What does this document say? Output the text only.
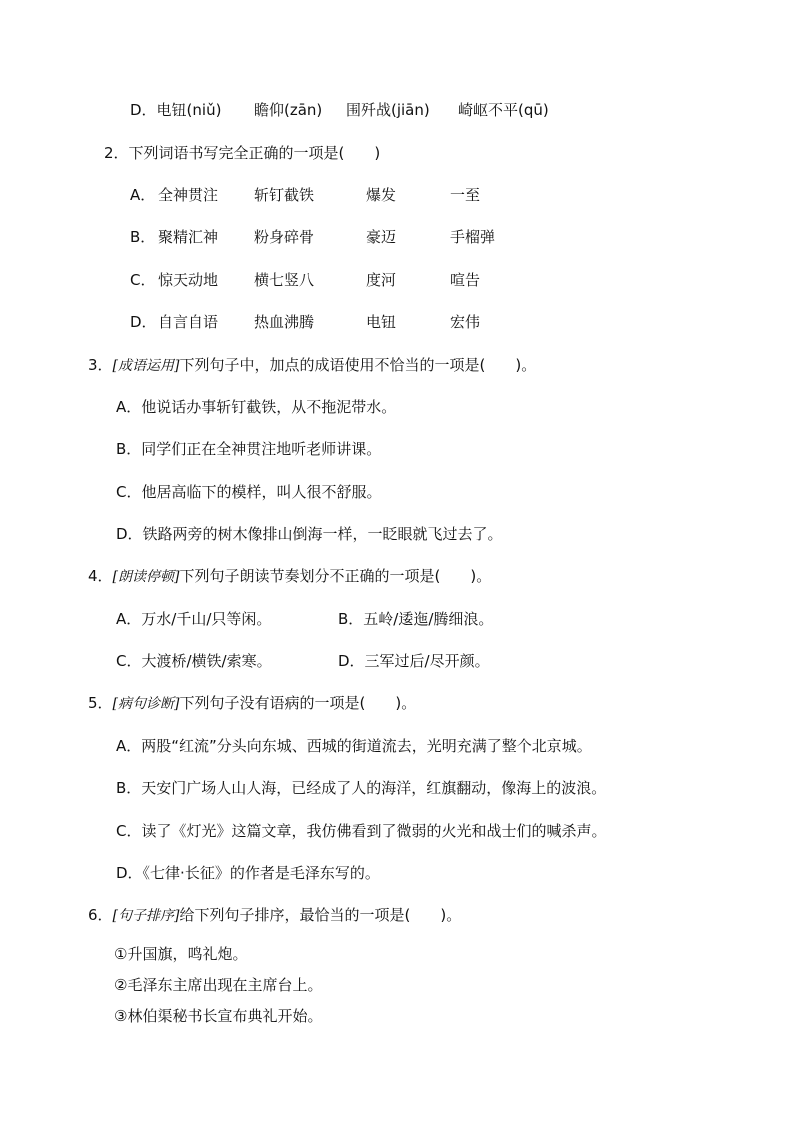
D．电钮(niǔ) 瞻仰(zān) 围歼战(jiān) 崎岖不平(qū)
2．下列词语书写完全正确的一项是(　　)
A． 全神贯注 斩钉截铁	爆发	一至
B． 聚精汇神 粉身碎骨	豪迈	手榴弹
C． 惊天动地 横七竖八	度河	喧告
D． 自言自语 热血沸腾	电钮	宏伟
3．[成语运用]下列句子中，加点的成语使用不恰当的一项是(　　)。
A．他说话办事斩钉截铁，从不拖泥带水。
B．同学们正在全神贯注地听老师讲课。
C．他居高临下的模样，叫人很不舒服。
D．铁路两旁的树木像排山倒海一样，一眨眼就飞过去了。
4．[朗读停顿]下列句子朗读节奏划分不正确的一项是(　　)。
A．万水/千山/只等闲。	B．五岭/逶迤/腾细浪。
C．大渡桥/横铁/索寒。	D．三军过后/尽开颜。
5．[病句诊断]下列句子没有语病的一项是(　　)。
A．两股“红流”分头向东城、西城的街道流去，光明充满了整个北京城。
B．天安门广场人山人海，已经成了人的海洋，红旗翻动，像海上的波浪。
C．读了《灯光》这篇文章，我仿佛看到了微弱的火光和战士们的喊杀声。
D．《七律·长征》的作者是毛泽东写的。
6．[句子排序]给下列句子排序，最恰当的一项是(　　)。
①升国旗，鸣礼炮。
②毛泽东主席出现在主席台上。
③林伯渠秘书长宣布典礼开始。
